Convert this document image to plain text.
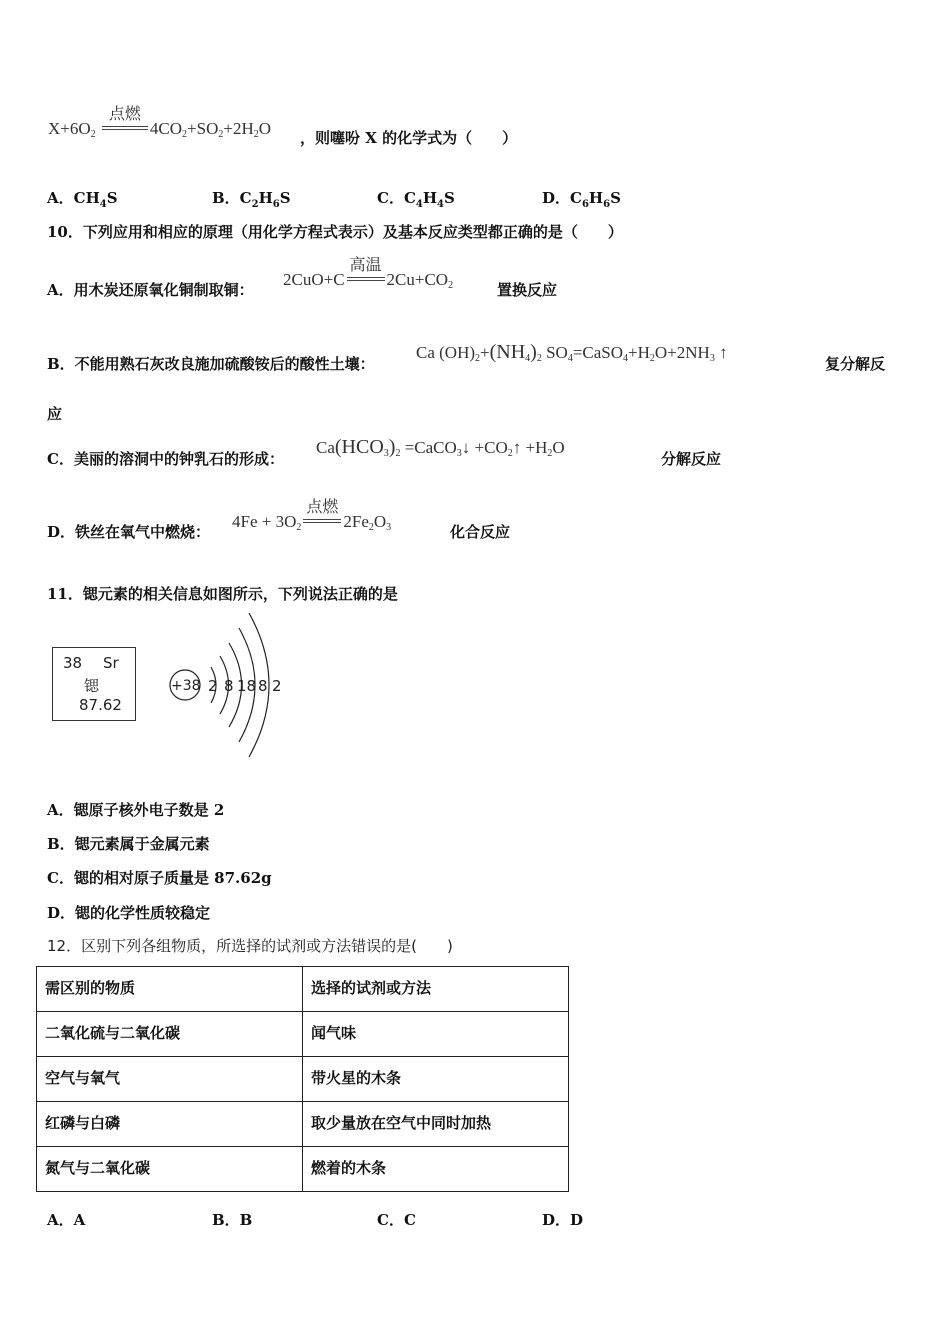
$X+6O_2$
点燃
$4CO_2+SO_2+2H_2O$ ，则噻吩 X 的化学式为（　　）
A．$CH_4S$	B．$C_2H_6S$	C．$C_4H_4S$	D．$C_6H_6S$
10．下列应用和相应的原理（用化学方程式表示）及基本反应类型都正确的是（　　）
A．用木炭还原氧化铜制取铜：
2CuO+C
高温
$2Cu+CO_2$	置换反应
B．不能用熟石灰改良施加硫酸铵后的酸性土壤：
Ca $(OH)_2+(NH_4)_2$ $SO_4=CaSO_4+H_2O+2NH_3$ ↑
复分解反
应
C．美丽的溶洞中的钟乳石的形成：
$Ca(HCO_3)_2$ =CaCO$_3$↓ $+CO_2↑ +H_2O$
分解反应
D．铁丝在氧气中燃烧：
$4Fe + 3O_2$
点燃
$2Fe_2O_3$	化合反应
11．锶元素的相关信息如图所示，下列说法正确的是
38 Sr
锶
87.62
+38 2 8 18 8 2
A．锶原子核外电子数是 2
B．锶元素属于金属元素
C．锶的相对原子质量是 87.62g
D．锶的化学性质较稳定
12．区别下列各组物质，所选择的试剂或方法错误的是(　　)
需区别的物质	选择的试剂或方法
二氧化硫与二氧化碳	闻气味
空气与氧气	带火星的木条
红磷与白磷	取少量放在空气中同时加热
氮气与二氧化碳	燃着的木条
A．A	B．B	C．C	D．D
